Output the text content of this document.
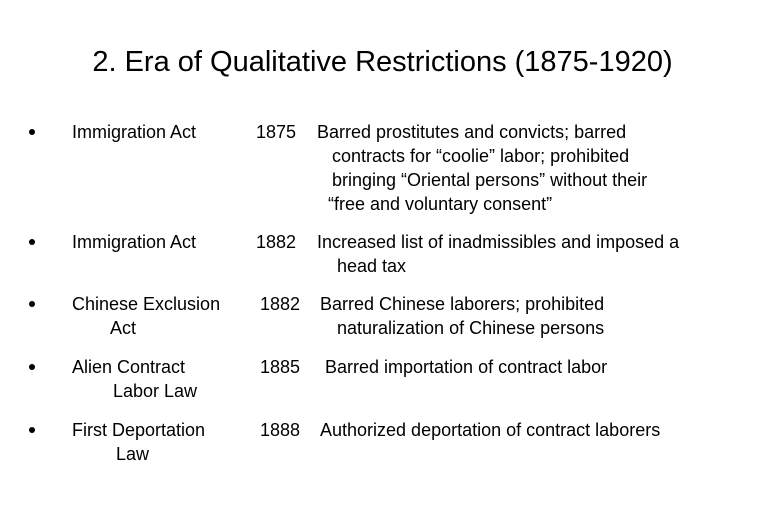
2. Era of Qualitative Restrictions (1875-1920)
Immigration Act	1875 Barred prostitutes and convicts; barred
contracts for “coolie” labor; prohibited
bringing “Oriental persons” without their
“free and voluntary consent”
Immigration Act	1882 Increased list of inadmissibles and imposed a
head tax
Chinese Exclusion
Act
1882 Barred Chinese laborers; prohibited
naturalization of Chinese persons
Alien Contract
Labor Law
1885 Barred importation of contract labor
First Deportation
Law
1888 Authorized deportation of contract laborers
